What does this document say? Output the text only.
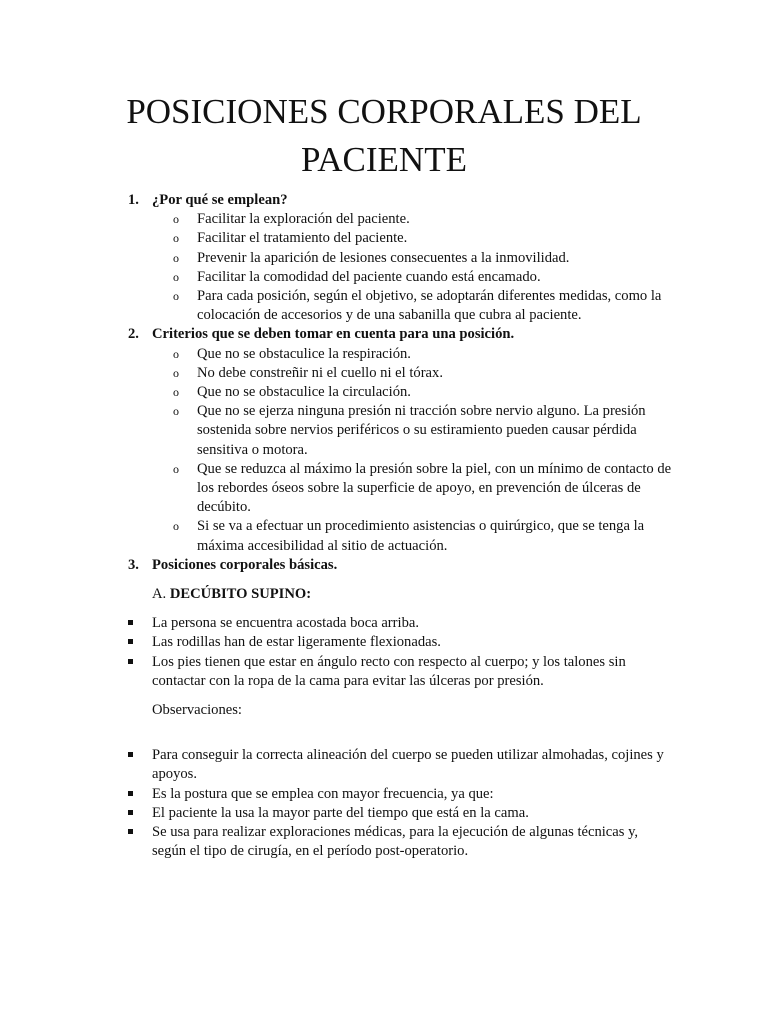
POSICIONES CORPORALES DEL
PACIENTE
1. ¿Por qué se emplean?
o Facilitar la exploración del paciente.
o Facilitar el tratamiento del paciente.
o Prevenir la aparición de lesiones consecuentes a la inmovilidad.
o Facilitar la comodidad del paciente cuando está encamado.
o Para cada posición, según el objetivo, se adoptarán diferentes medidas, como la colocación de accesorios y de una sabanilla que cubra al paciente.
2. Criterios que se deben tomar en cuenta para una posición.
o Que no se obstaculice la respiración.
o No debe constreñir ni el cuello ni el tórax.
o Que no se obstaculice la circulación.
o Que no se ejerza ninguna presión ni tracción sobre nervio alguno. La presión sostenida sobre nervios periféricos o su estiramiento pueden causar pérdida sensitiva o motora.
o Que se reduzca al máximo la presión sobre la piel, con un mínimo de contacto de los rebordes óseos sobre la superficie de apoyo, en prevención de úlceras de decúbito.
o Si se va a efectuar un procedimiento asistencias o quirúrgico, que se tenga la máxima accesibilidad al sitio de actuación.
3. Posiciones corporales básicas.
A. DECÚBITO SUPINO:
La persona se encuentra acostada boca arriba.
Las rodillas han de estar ligeramente flexionadas.
Los pies tienen que estar en ángulo recto con respecto al cuerpo; y los talones sin contactar con la ropa de la cama para evitar las úlceras por presión.
Observaciones:
Para conseguir la correcta alineación del cuerpo se pueden utilizar almohadas, cojines y apoyos.
Es la postura que se emplea con mayor frecuencia, ya que:
El paciente la usa la mayor parte del tiempo que está en la cama.
Se usa para realizar exploraciones médicas, para la ejecución de algunas técnicas y, según el tipo de cirugía, en el período post-operatorio.
